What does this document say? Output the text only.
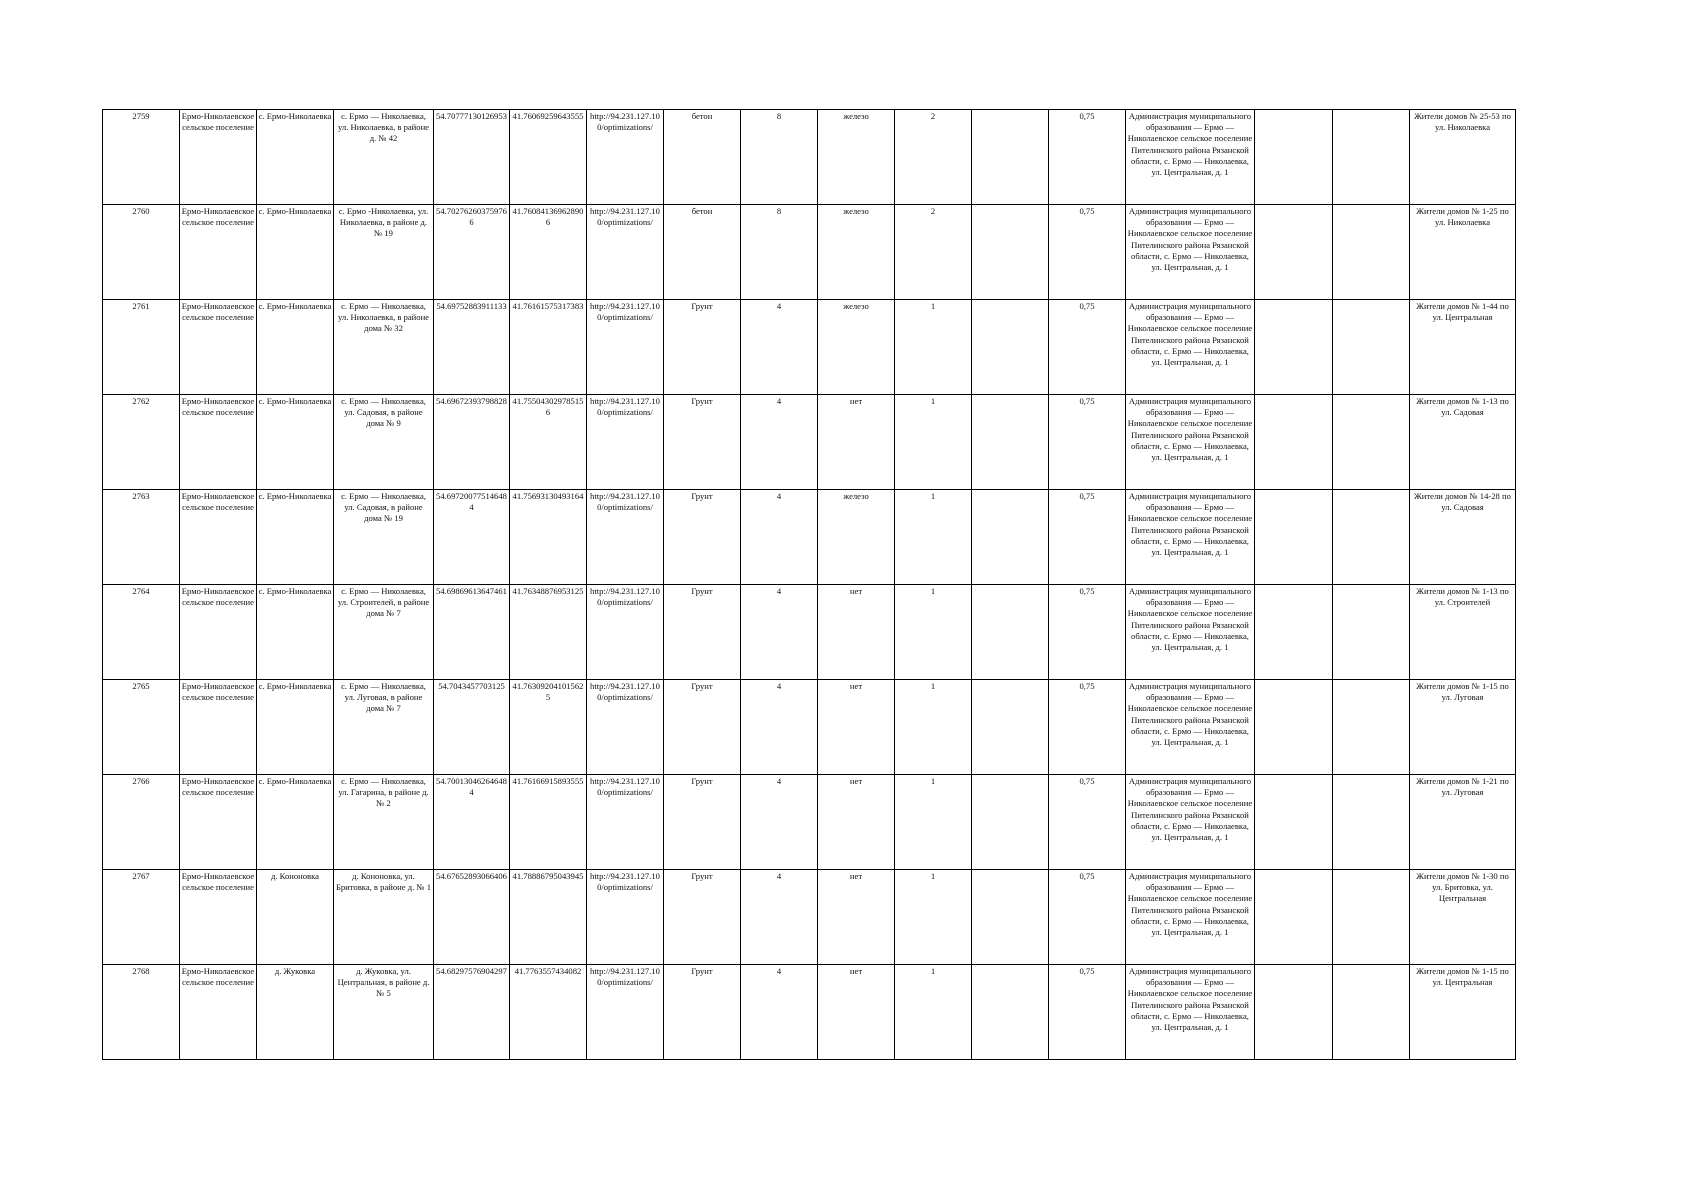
2759	Ермо-Николаевское сельское поселение	с. Ермо-Николаевка	с. Ермо — Николаевка, ул. Николаевка, в районе д. № 42	54.70777130126953	41.76069259643555	http://94.231.127.100/optimizations/	бетон	8	железо	2		0,75	Администрация муниципального образования — Ермо — Николаевское сельское поселение Пителинского района Рязанской области, с. Ермо — Николаевка, ул. Центральная, д. 1			Жители домов № 25-53 по ул. Николаевка
2760	Ермо-Николаевское сельское поселение	с. Ермо-Николаевка	с. Ермо -Николаевка, ул. Николаевка, в районе д. № 19	54.702762603759766	41.760841369628906	http://94.231.127.100/optimizations/	бетон	8	железо	2		0,75	Администрация муниципального образования — Ермо — Николаевское сельское поселение Пителинского района Рязанской области, с. Ермо — Николаевка, ул. Центральная, д. 1			Жители домов № 1-25 по ул. Николаевка
2761	Ермо-Николаевское сельское поселение	с. Ермо-Николаевка	с. Ермо — Николаевка, ул. Николаевка, в районе дома № 32	54.69752883911133	41.76161575317383	http://94.231.127.100/optimizations/	Грунт	4	железо	1		0,75	Администрация муниципального образования — Ермо — Николаевское сельское поселение Пителинского района Рязанской области, с. Ермо — Николаевка, ул. Центральная, д. 1			Жители домов № 1-44 по ул. Центральная
2762	Ермо-Николаевское сельское поселение	с. Ермо-Николаевка	с. Ермо — Николаевка, ул. Садовая, в районе дома № 9	54.69672393798828	41.755043029785156	http://94.231.127.100/optimizations/	Грунт	4	нет	1		0,75	Администрация муниципального образования — Ермо — Николаевское сельское поселение Пителинского района Рязанской области, с. Ермо — Николаевка, ул. Центральная, д. 1			Жители домов № 1-13 по ул. Садовая
2763	Ермо-Николаевское сельское поселение	с. Ермо-Николаевка	с. Ермо — Николаевка, ул. Садовая, в районе дома № 19	54.697200775146484	41.75693130493164	http://94.231.127.100/optimizations/	Грунт	4	железо	1		0,75	Администрация муниципального образования — Ермо — Николаевское сельское поселение Пителинского района Рязанской области, с. Ермо — Николаевка, ул. Центральная, д. 1			Жители домов № 14-28 по ул. Садовая
2764	Ермо-Николаевское сельское поселение	с. Ермо-Николаевка	с. Ермо — Николаевка, ул. Строителей, в районе дома № 7	54.69869613647461	41.76348876953125	http://94.231.127.100/optimizations/	Грунт	4	нет	1		0,75	Администрация муниципального образования — Ермо — Николаевское сельское поселение Пителинского района Рязанской области, с. Ермо — Николаевка, ул. Центральная, д. 1			Жители домов № 1-13 по ул. Строителей
2765	Ермо-Николаевское сельское поселение	с. Ермо-Николаевка	с. Ермо — Николаевка, ул. Луговая, в районе дома № 7	54.7043457703125	41.763092041015625	http://94.231.127.100/optimizations/	Грунт	4	нет	1		0,75	Администрация муниципального образования — Ермо — Николаевское сельское поселение Пителинского района Рязанской области, с. Ермо — Николаевка, ул. Центральная, д. 1			Жители домов № 1-15 по ул. Луговая
2766	Ермо-Николаевское сельское поселение	с. Ермо-Николаевка	с. Ермо — Николаевка, ул. Гагарина, в районе д. № 2	54.700130462646484	41.76166915893555	http://94.231.127.100/optimizations/	Грунт	4	нет	1		0,75	Администрация муниципального образования — Ермо — Николаевское сельское поселение Пителинского района Рязанской области, с. Ермо — Николаевка, ул. Центральная, д. 1			Жители домов № 1-21 по ул. Луговая
2767	Ермо-Николаевское сельское поселение	д. Кононовка	д. Кононовка, ул. Бритовка, в районе д. № 1	54.67652893066406	41.78886795043945	http://94.231.127.100/optimizations/	Грунт	4	нет	1		0,75	Администрация муниципального образования — Ермо — Николаевское сельское поселение Пителинского района Рязанской области, с. Ермо — Николаевка, ул. Центральная, д. 1			Жители домов № 1-30 по ул. Бритовка, ул. Центральная
2768	Ермо-Николаевское сельское поселение	д. Жуковка	д. Жуковка, ул. Центральная, в районе д. № 5	54.68297576904297	41.7763557434082	http://94.231.127.100/optimizations/	Грунт	4	нет	1		0,75	Администрация муниципального образования — Ермо — Николаевское сельское поселение Пителинского района Рязанской области, с. Ермо — Николаевка, ул. Центральная, д. 1			Жители домов № 1-15 по ул. Центральная
